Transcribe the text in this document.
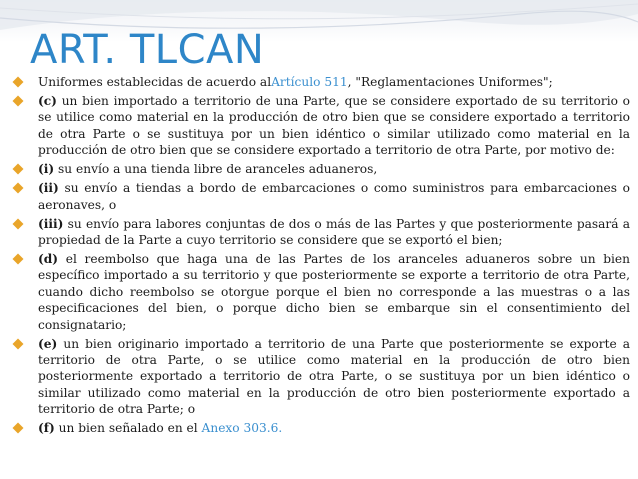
ART. TLCAN
Uniformes establecidas de acuerdo alArtículo 511, "Reglamentaciones Uniformes";
(c) un bien importado a territorio de una Parte, que se considere exportado de su territorio o se utilice como material en la producción de otro bien que se considere exportado a territorio de otra Parte o se sustituya por un bien idéntico o similar utilizado como material en la producción de otro bien que se considere exportado a territorio de otra Parte, por motivo de:
(i) su envío a una tienda libre de aranceles aduaneros,
(ii) su envío a tiendas a bordo de embarcaciones o como suministros para embarcaciones o aeronaves, o
(iii) su envío para labores conjuntas de dos o más de las Partes y que posteriormente pasará a propiedad de la Parte a cuyo territorio se considere que se exportó el bien;
(d) el reembolso que haga una de las Partes de los aranceles aduaneros sobre un bien específico importado a su territorio y que posteriormente se exporte a territorio de otra Parte, cuando dicho reembolso se otorgue porque el bien no corresponde a las muestras o a las especificaciones del bien, o porque dicho bien se embarque sin el consentimiento del consignatario;
(e) un bien originario importado a territorio de una Parte que posteriormente se exporte a territorio de otra Parte, o se utilice como material en la producción de otro bien posteriormente exportado a territorio de otra Parte, o se sustituya por un bien idéntico o similar utilizado como material en la producción de otro bien posteriormente exportado a territorio de otra Parte; o
(f) un bien señalado en el Anexo 303.6.
